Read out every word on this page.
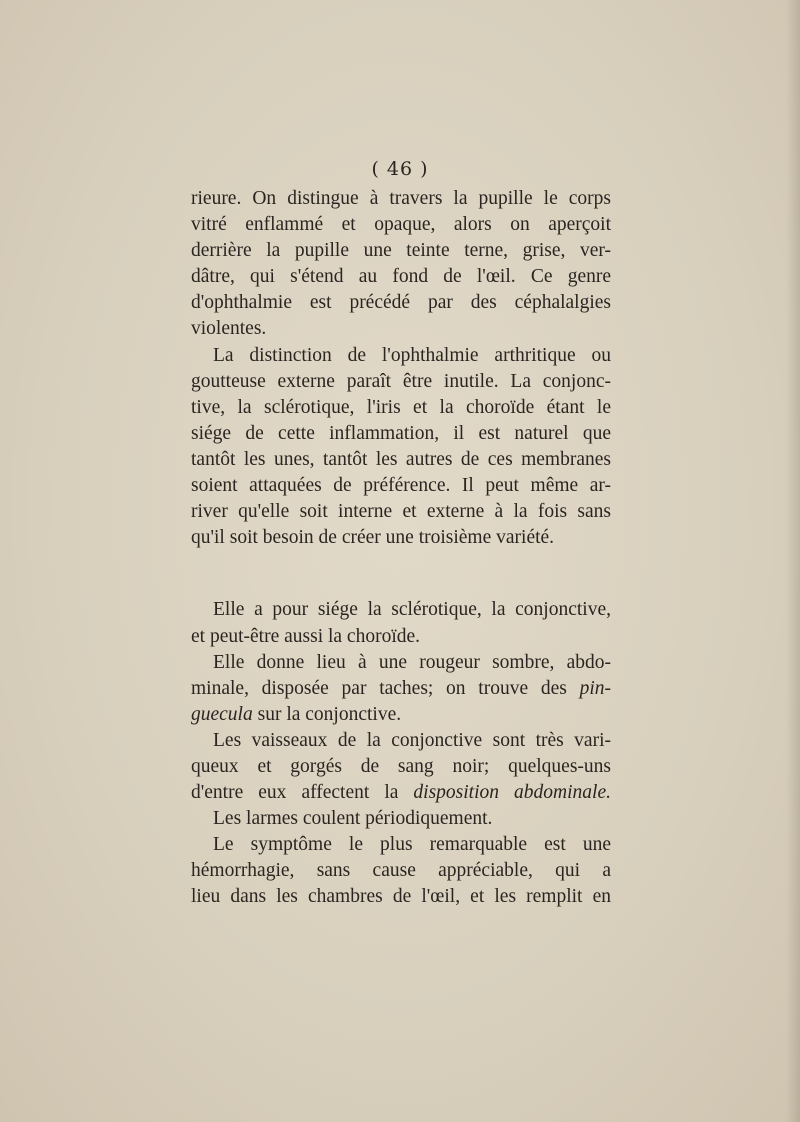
( 46 )
rieure. On distingue à travers la pupille le corps
vitré enflammé et opaque, alors on aperçoit
derrière la pupille une teinte terne, grise, ver-
dâtre, qui s'étend au fond de l'œil. Ce genre
d'ophthalmie est précédé par des céphalalgies
violentes.
La distinction de l'ophthalmie arthritique ou
goutteuse externe paraît être inutile. La conjonc-
tive, la sclérotique, l'iris et la choroïde étant le
siége de cette inflammation, il est naturel que
tantôt les unes, tantôt les autres de ces membranes
soient attaquées de préférence. Il peut même ar-
river qu'elle soit interne et externe à la fois sans
qu'il soit besoin de créer une troisième variété.
Elle a pour siége la sclérotique, la conjonctive,
et peut-être aussi la choroïde.
Elle donne lieu à une rougeur sombre, abdo-
minale, disposée par taches; on trouve des pin-
guecula sur la conjonctive.
Les vaisseaux de la conjonctive sont très vari-
queux et gorgés de sang noir; quelques-uns
d'entre eux affectent la disposition abdominale.
Les larmes coulent périodiquement.
Le symptôme le plus remarquable est une
hémorrhagie, sans cause appréciable, qui a
lieu dans les chambres de l'œil, et les remplit en
